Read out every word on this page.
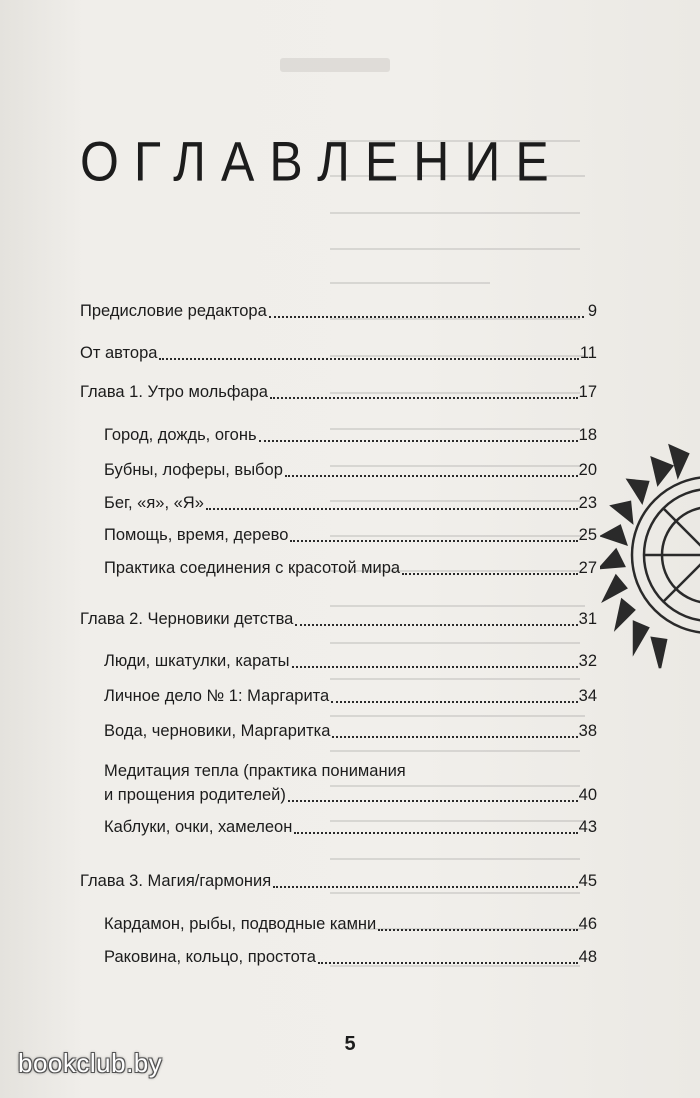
ОГЛАВЛЕНИЕ
Предисловие редактора	9
От автора	11
Глава 1. Утро мольфара	17
Город, дождь, огонь	18
Бубны, лоферы, выбор	20
Бег, «я», «Я»	23
Помощь, время, дерево	25
Практика соединения с красотой мира	27
Глава 2. Черновики детства	31
Люди, шкатулки, караты	32
Личное дело № 1: Маргарита	34
Вода, черновики, Маргаритка	38
Медитация тепла (практика понимания
и прощения родителей)	40
Каблуки, очки, хамелеон	43
Глава 3. Магия/гармония	45
Кардамон, рыбы, подводные камни	46
Раковина, кольцо, простота	48
5
bookclub.by
